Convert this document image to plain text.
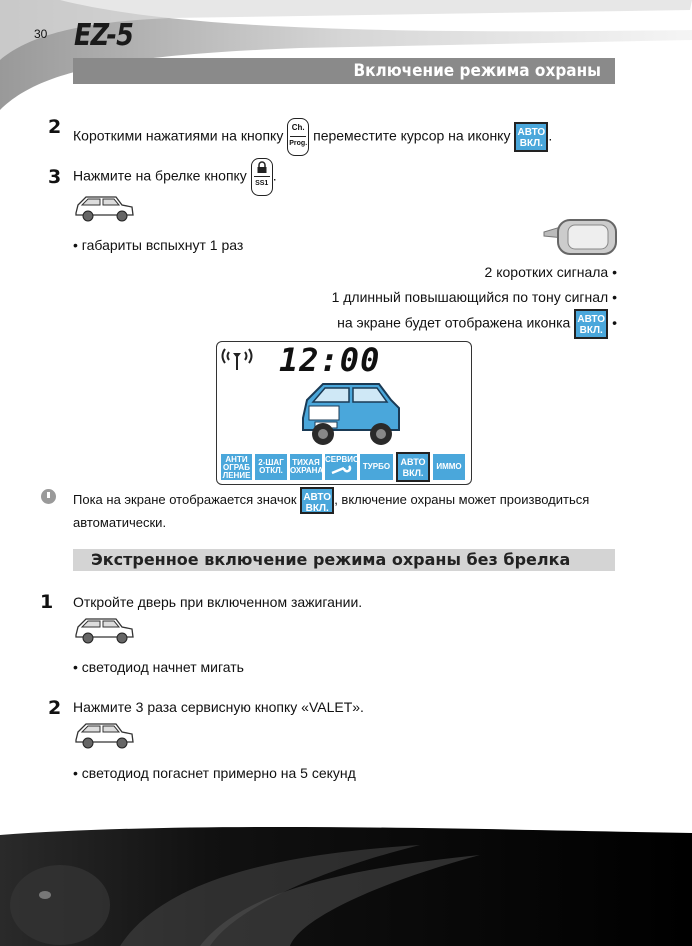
30 EZ-5
Включение режима охраны
2 Короткими нажатиями на кнопку
Ch.
Prog. переместите курсор на иконку АВТО
ВКЛ. .
3 Нажмите на брелке кнопку	SS1 .
• габариты вспыхнут 1 раз
2 коротких сигнала •
1 длинный повышающийся по тону сигнал •
на экране будет отображена иконка АВТО
ВКЛ. •
12:00
АНТИ
ОГРАБ
ЛЕНИЕ
2-ШАГ
ОТКЛ.
ТИХАЯ
ОХРАНА
СЕРВИС
ТУРБО	АВТО
ВКЛ.
ИММО
Пока на экране отображается значок АВТО
ВКЛ.
, включение охраны может производиться
автоматически.
Экстренное включение режима охраны без брелка
1 Откройте дверь при включенном зажигании.
• светодиод начнет мигать
2 Нажмите 3 раза сервисную кнопку «VALET».
• светодиод погаснет примерно на 5 секунд
